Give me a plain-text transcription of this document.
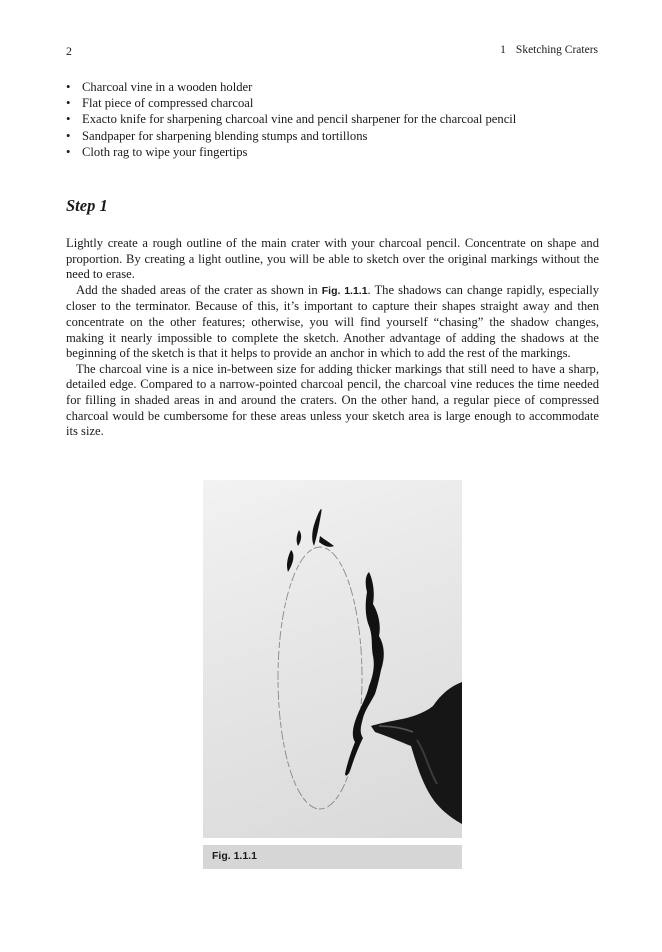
2	1 Sketching Craters
• Charcoal vine in a wooden holder
• Flat piece of compressed charcoal
• Exacto knife for sharpening charcoal vine and pencil sharpener for the charcoal pencil
• Sandpaper for sharpening blending stumps and tortillons
• Cloth rag to wipe your fingertips
Step 1

Lightly create a rough outline of the main crater with your charcoal pencil. Concentrate on shape and proportion. By creating a light outline, you will be able to sketch over the original markings without the need to erase.

Add the shaded areas of the crater as shown in Fig. 1.1.1. The shadows can change rapidly, especially closer to the terminator. Because of this, it’s important to capture their shapes straight away and then concentrate on the other features; otherwise, you will find yourself “chasing” the shadow changes, making it nearly impossible to complete the sketch. Another advantage of adding the shadows at the beginning of the sketch is that it helps to provide an anchor in which to add the rest of the markings.

The charcoal vine is a nice in-between size for adding thicker markings that still need to have a sharp, detailed edge. Compared to a narrow-pointed charcoal pencil, the charcoal vine reduces the time needed for filling in shaded areas in and around the craters. On the other hand, a regular piece of compressed charcoal would be cumbersome for these areas unless your sketch area is large enough to accommodate its size.

Fig. 1.1.1
